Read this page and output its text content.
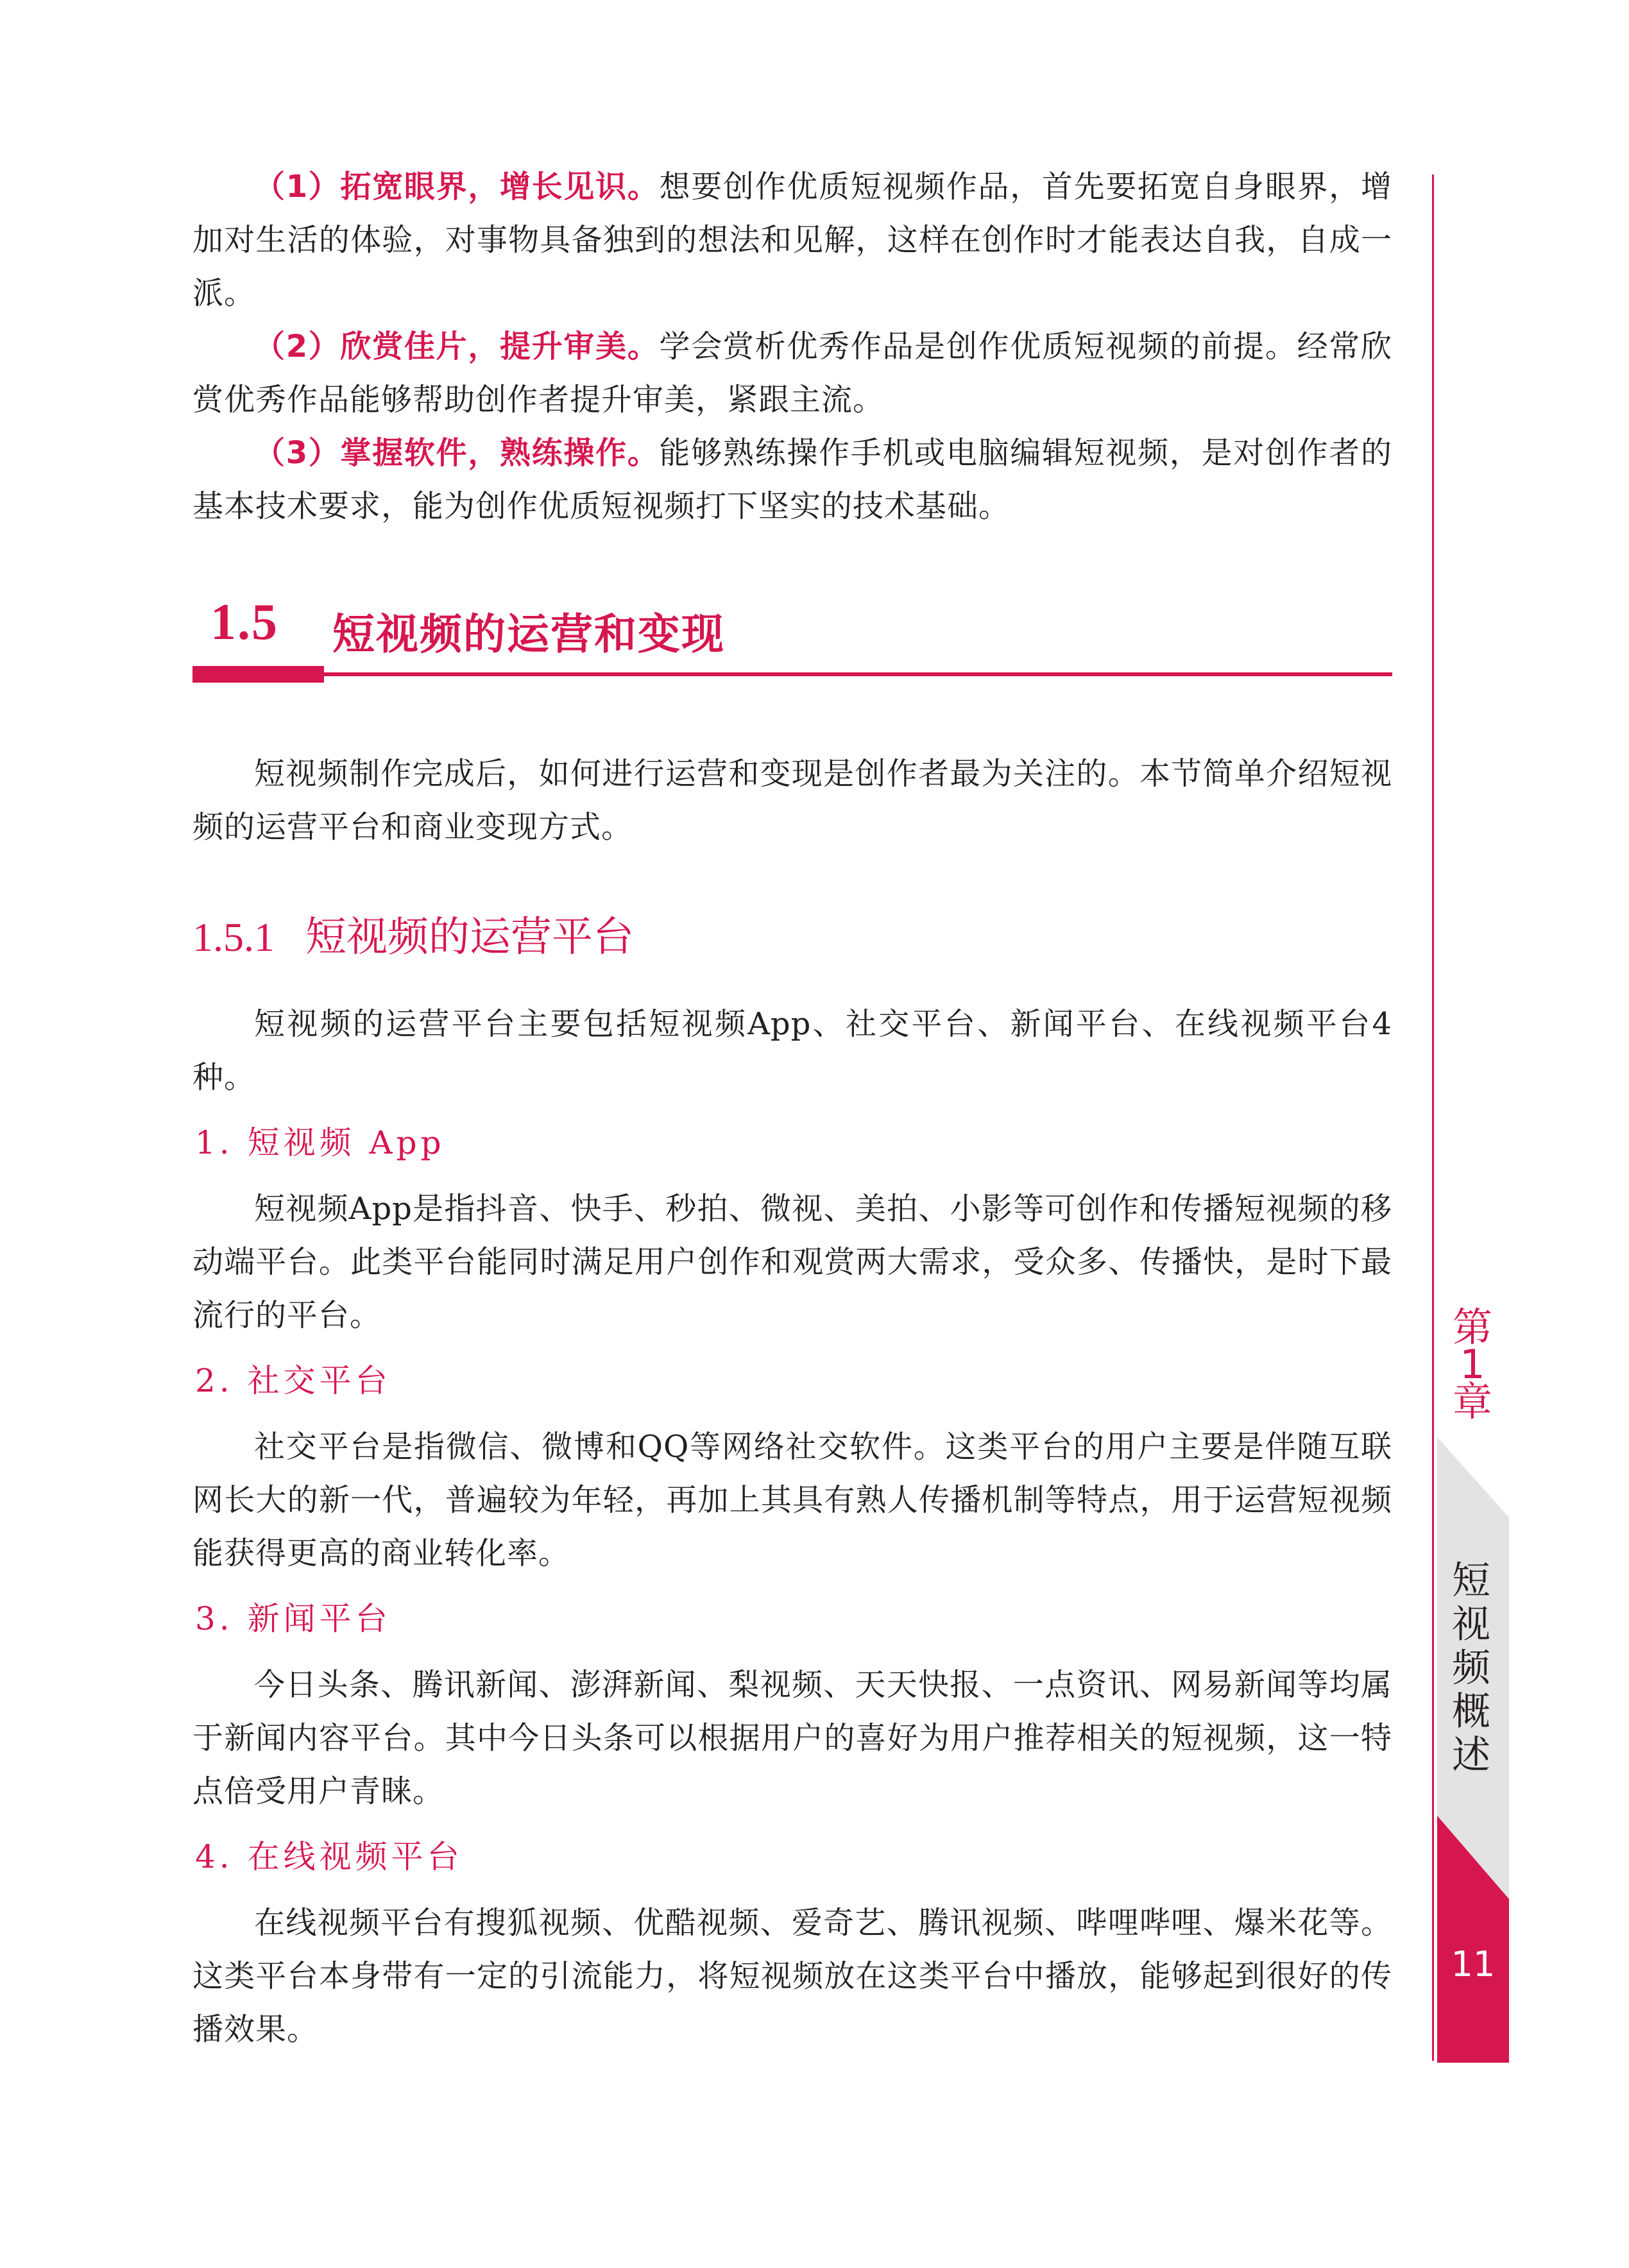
（1）拓宽眼界，增长见识。想要创作优质短视频作品，首先要拓宽自身眼界，增加对生活的体验，对事物具备独到的想法和见解，这样在创作时才能表达自我，自成一派。

（2）欣赏佳片，提升审美。学会赏析优秀作品是创作优质短视频的前提。经常欣赏优秀作品能够帮助创作者提升审美，紧跟主流。

（3）掌握软件，熟练操作。能够熟练操作手机或电脑编辑短视频，是对创作者的基本技术要求，能为创作优质短视频打下坚实的技术基础。

1.5 短视频的运营和变现

短视频制作完成后，如何进行运营和变现是创作者最为关注的。本节简单介绍短视频的运营平台和商业变现方式。

1.5.1 短视频的运营平台

短视频的运营平台主要包括短视频App、社交平台、新闻平台、在线视频平台4种。

1. 短视频 App

短视频App是指抖音、快手、秒拍、微视、美拍、小影等可创作和传播短视频的移动端平台。此类平台能同时满足用户创作和观赏两大需求，受众多、传播快，是时下最流行的平台。

2. 社交平台

社交平台是指微信、微博和QQ等网络社交软件。这类平台的用户主要是伴随互联网长大的新一代，普遍较为年轻，再加上其具有熟人传播机制等特点，用于运营短视频能获得更高的商业转化率。

3. 新闻平台

今日头条、腾讯新闻、澎湃新闻、梨视频、天天快报、一点资讯、网易新闻等均属于新闻内容平台。其中今日头条可以根据用户的喜好为用户推荐相关的短视频，这一特点倍受用户青睐。

4. 在线视频平台

在线视频平台有搜狐视频、优酷视频、爱奇艺、腾讯视频、哔哩哔哩、爆米花等。这类平台本身带有一定的引流能力，将短视频放在这类平台中播放，能够起到很好的传播效果。

第
1
章
短视频概述
11
